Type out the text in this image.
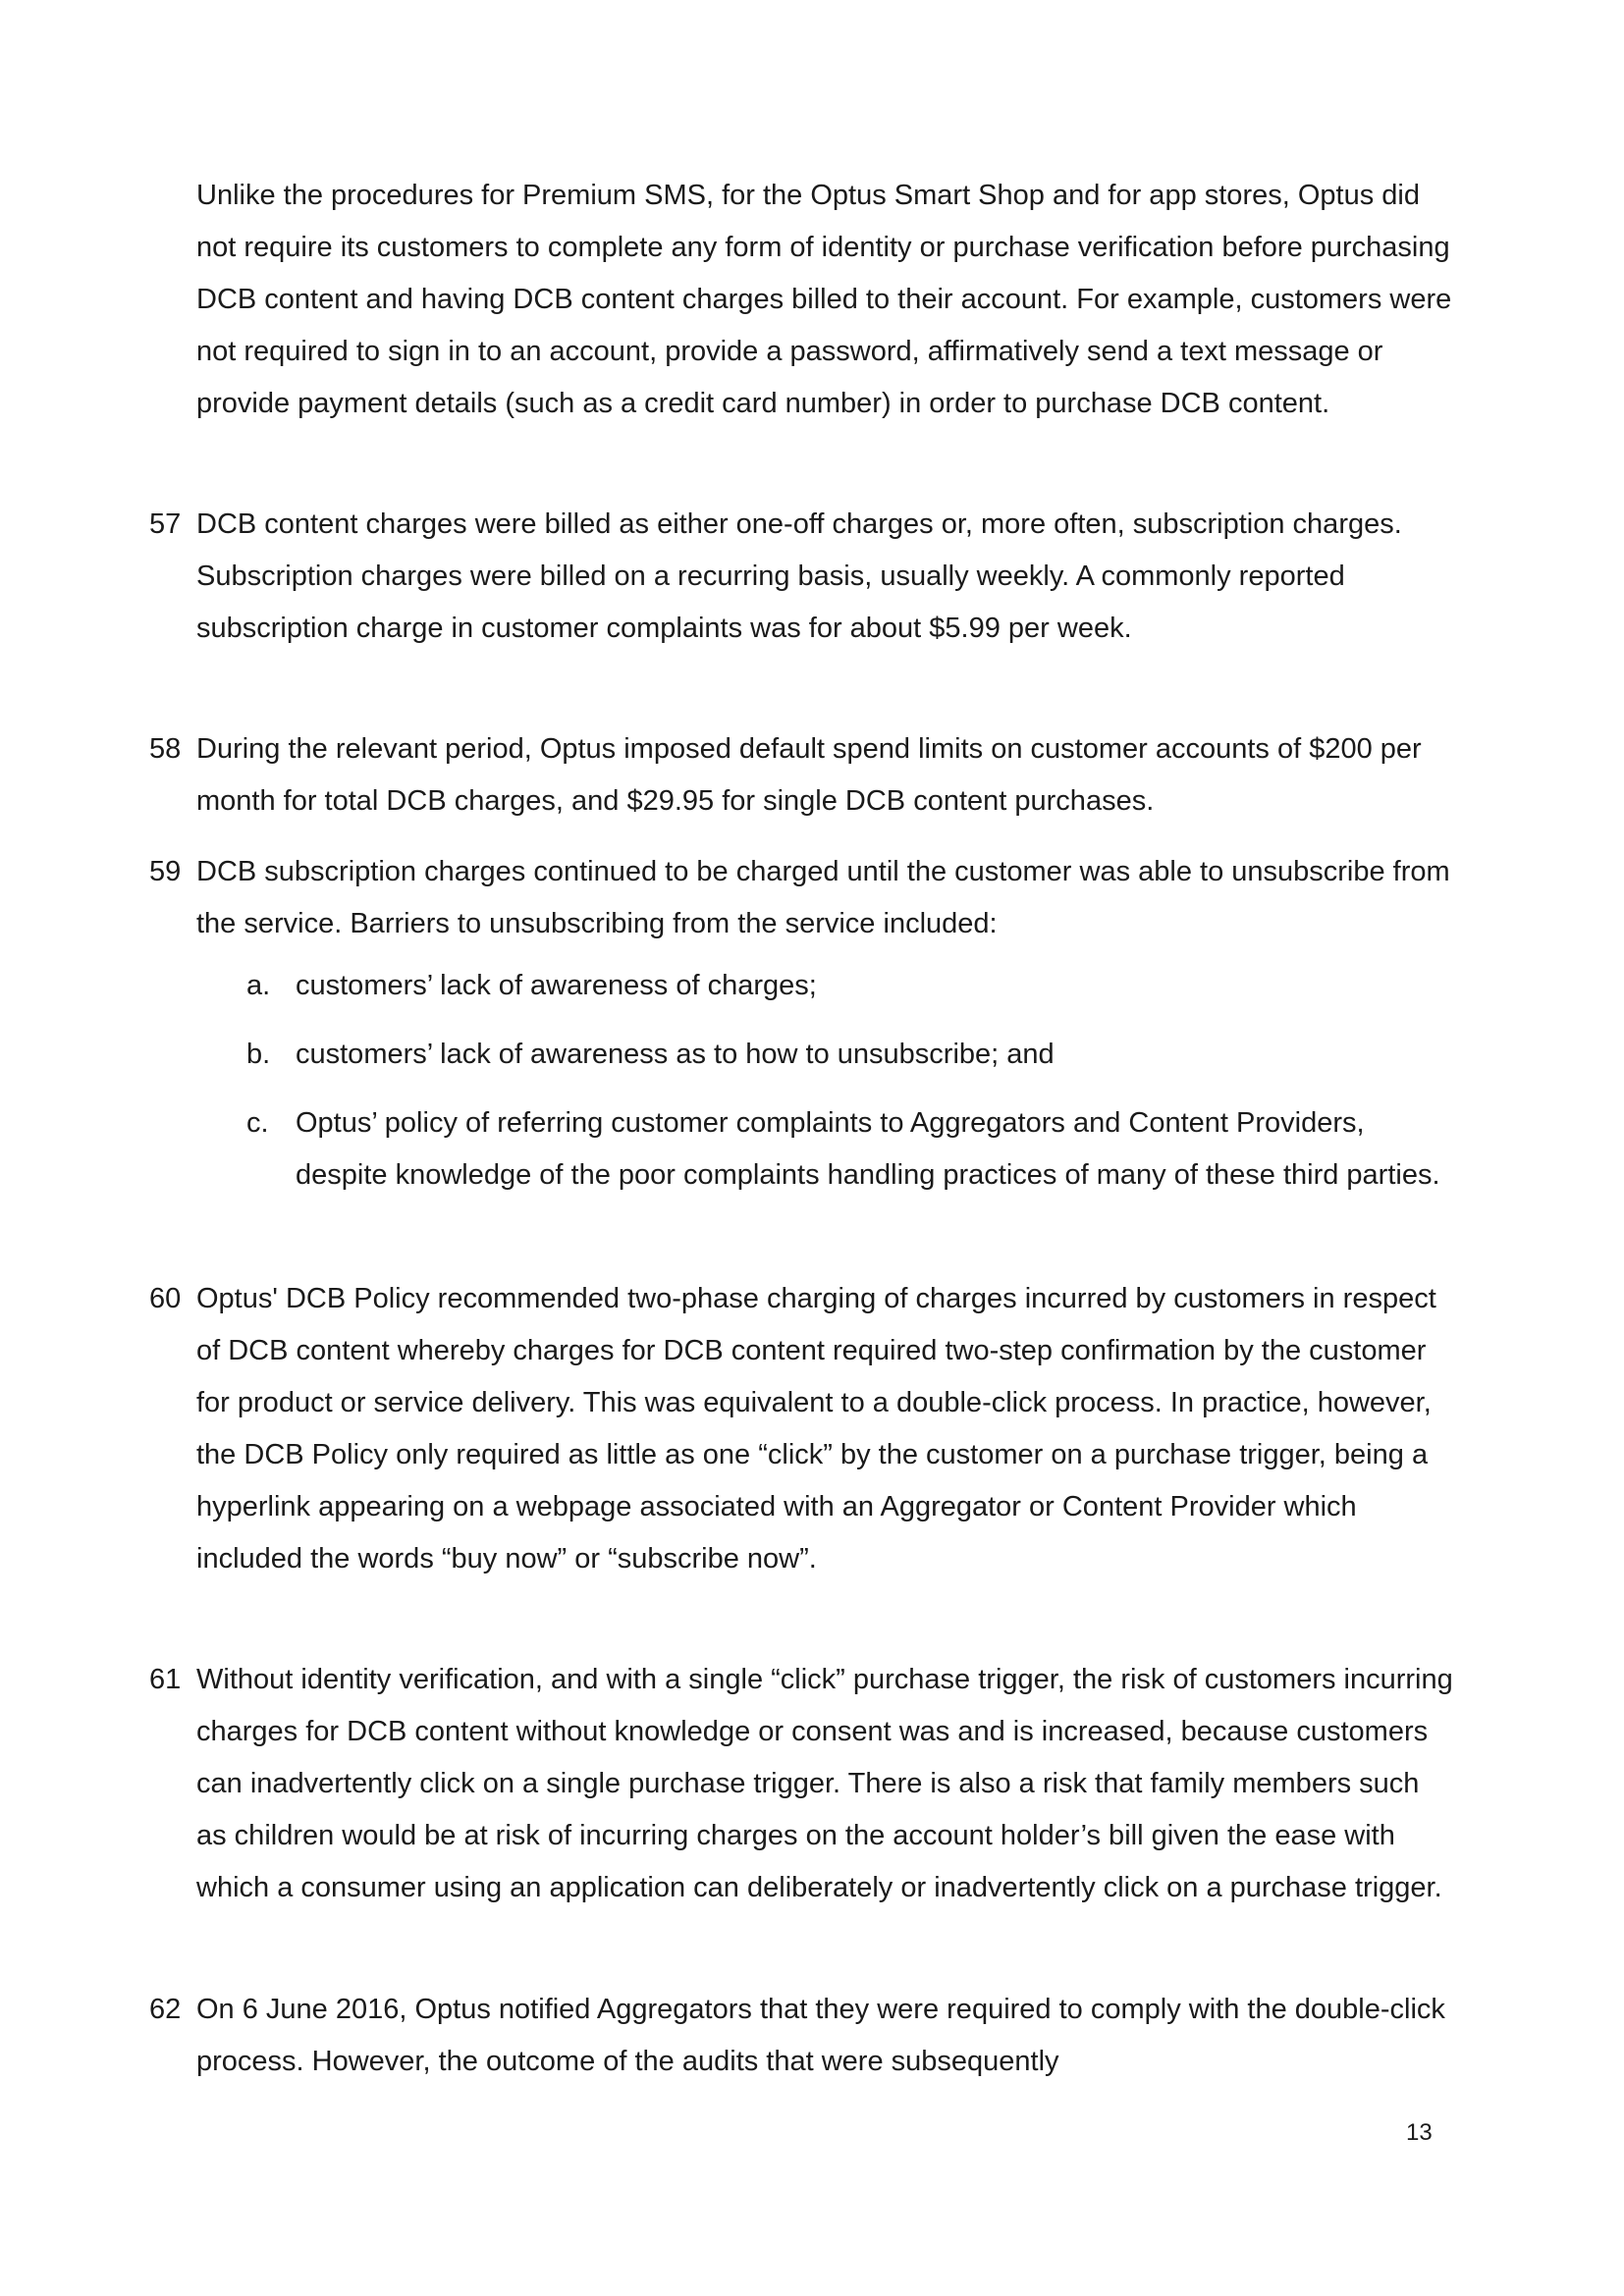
Unlike the procedures for Premium SMS, for the Optus Smart Shop and for app stores, Optus did not require its customers to complete any form of identity or purchase verification before purchasing DCB content and having DCB content charges billed to their account. For example, customers were not required to sign in to an account, provide a password, affirmatively send a text message or provide payment details (such as a credit card number) in order to purchase DCB content.

57 DCB content charges were billed as either one-off charges or, more often, subscription charges. Subscription charges were billed on a recurring basis, usually weekly. A commonly reported subscription charge in customer complaints was for about $5.99 per week.

58 During the relevant period, Optus imposed default spend limits on customer accounts of $200 per month for total DCB charges, and $29.95 for single DCB content purchases.

59 DCB subscription charges continued to be charged until the customer was able to unsubscribe from the service. Barriers to unsubscribing from the service included:

a. customers’ lack of awareness of charges;

b. customers’ lack of awareness as to how to unsubscribe; and

c. Optus’ policy of referring customer complaints to Aggregators and Content Providers, despite knowledge of the poor complaints handling practices of many of these third parties.

60 Optus' DCB Policy recommended two-phase charging of charges incurred by customers in respect of DCB content whereby charges for DCB content required two-step confirmation by the customer for product or service delivery. This was equivalent to a double-click process. In practice, however, the DCB Policy only required as little as one “click” by the customer on a purchase trigger, being a hyperlink appearing on a webpage associated with an Aggregator or Content Provider which included the words “buy now” or “subscribe now”.

61 Without identity verification, and with a single “click” purchase trigger, the risk of customers incurring charges for DCB content without knowledge or consent was and is increased, because customers can inadvertently click on a single purchase trigger. There is also a risk that family members such as children would be at risk of incurring charges on the account holder’s bill given the ease with which a consumer using an application can deliberately or inadvertently click on a purchase trigger.

62 On 6 June 2016, Optus notified Aggregators that they were required to comply with the double-click process. However, the outcome of the audits that were subsequently

13
